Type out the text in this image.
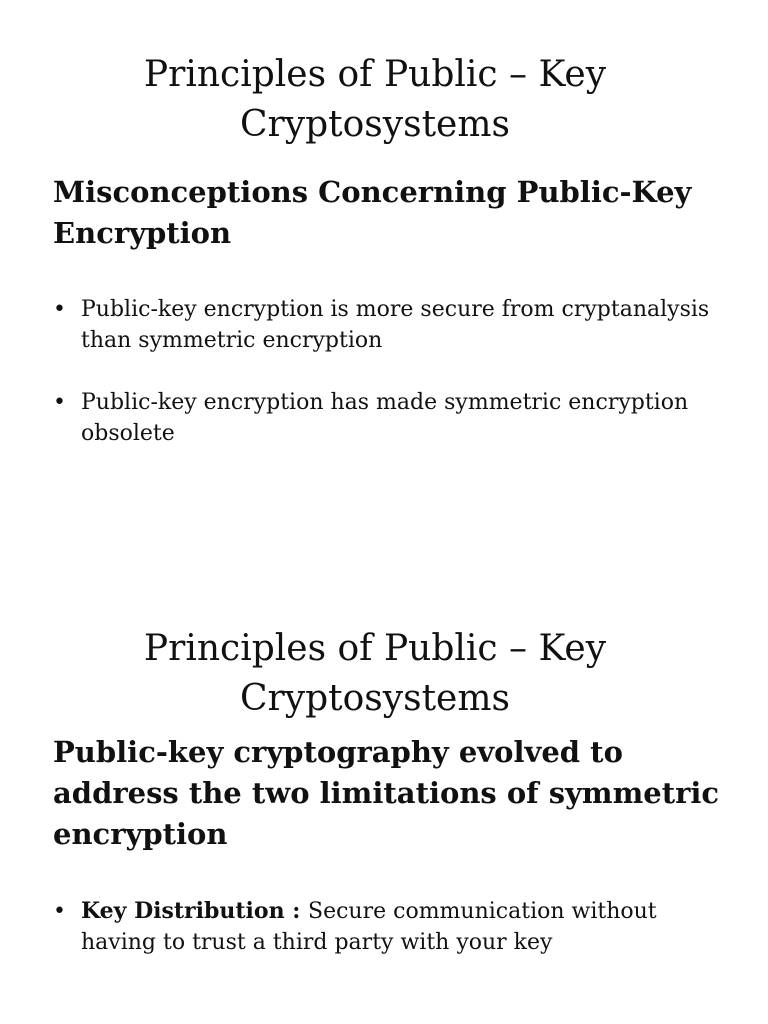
Principles of Public – Key Cryptosystems
Misconceptions Concerning Public-Key Encryption
• Public-key encryption is more secure from cryptanalysis than symmetric encryption
• Public-key encryption has made symmetric encryption obsolete
Principles of Public – Key Cryptosystems
Public-key cryptography evolved to address the two limitations of symmetric encryption
• Key Distribution : Secure communication without having to trust a third party with your key
